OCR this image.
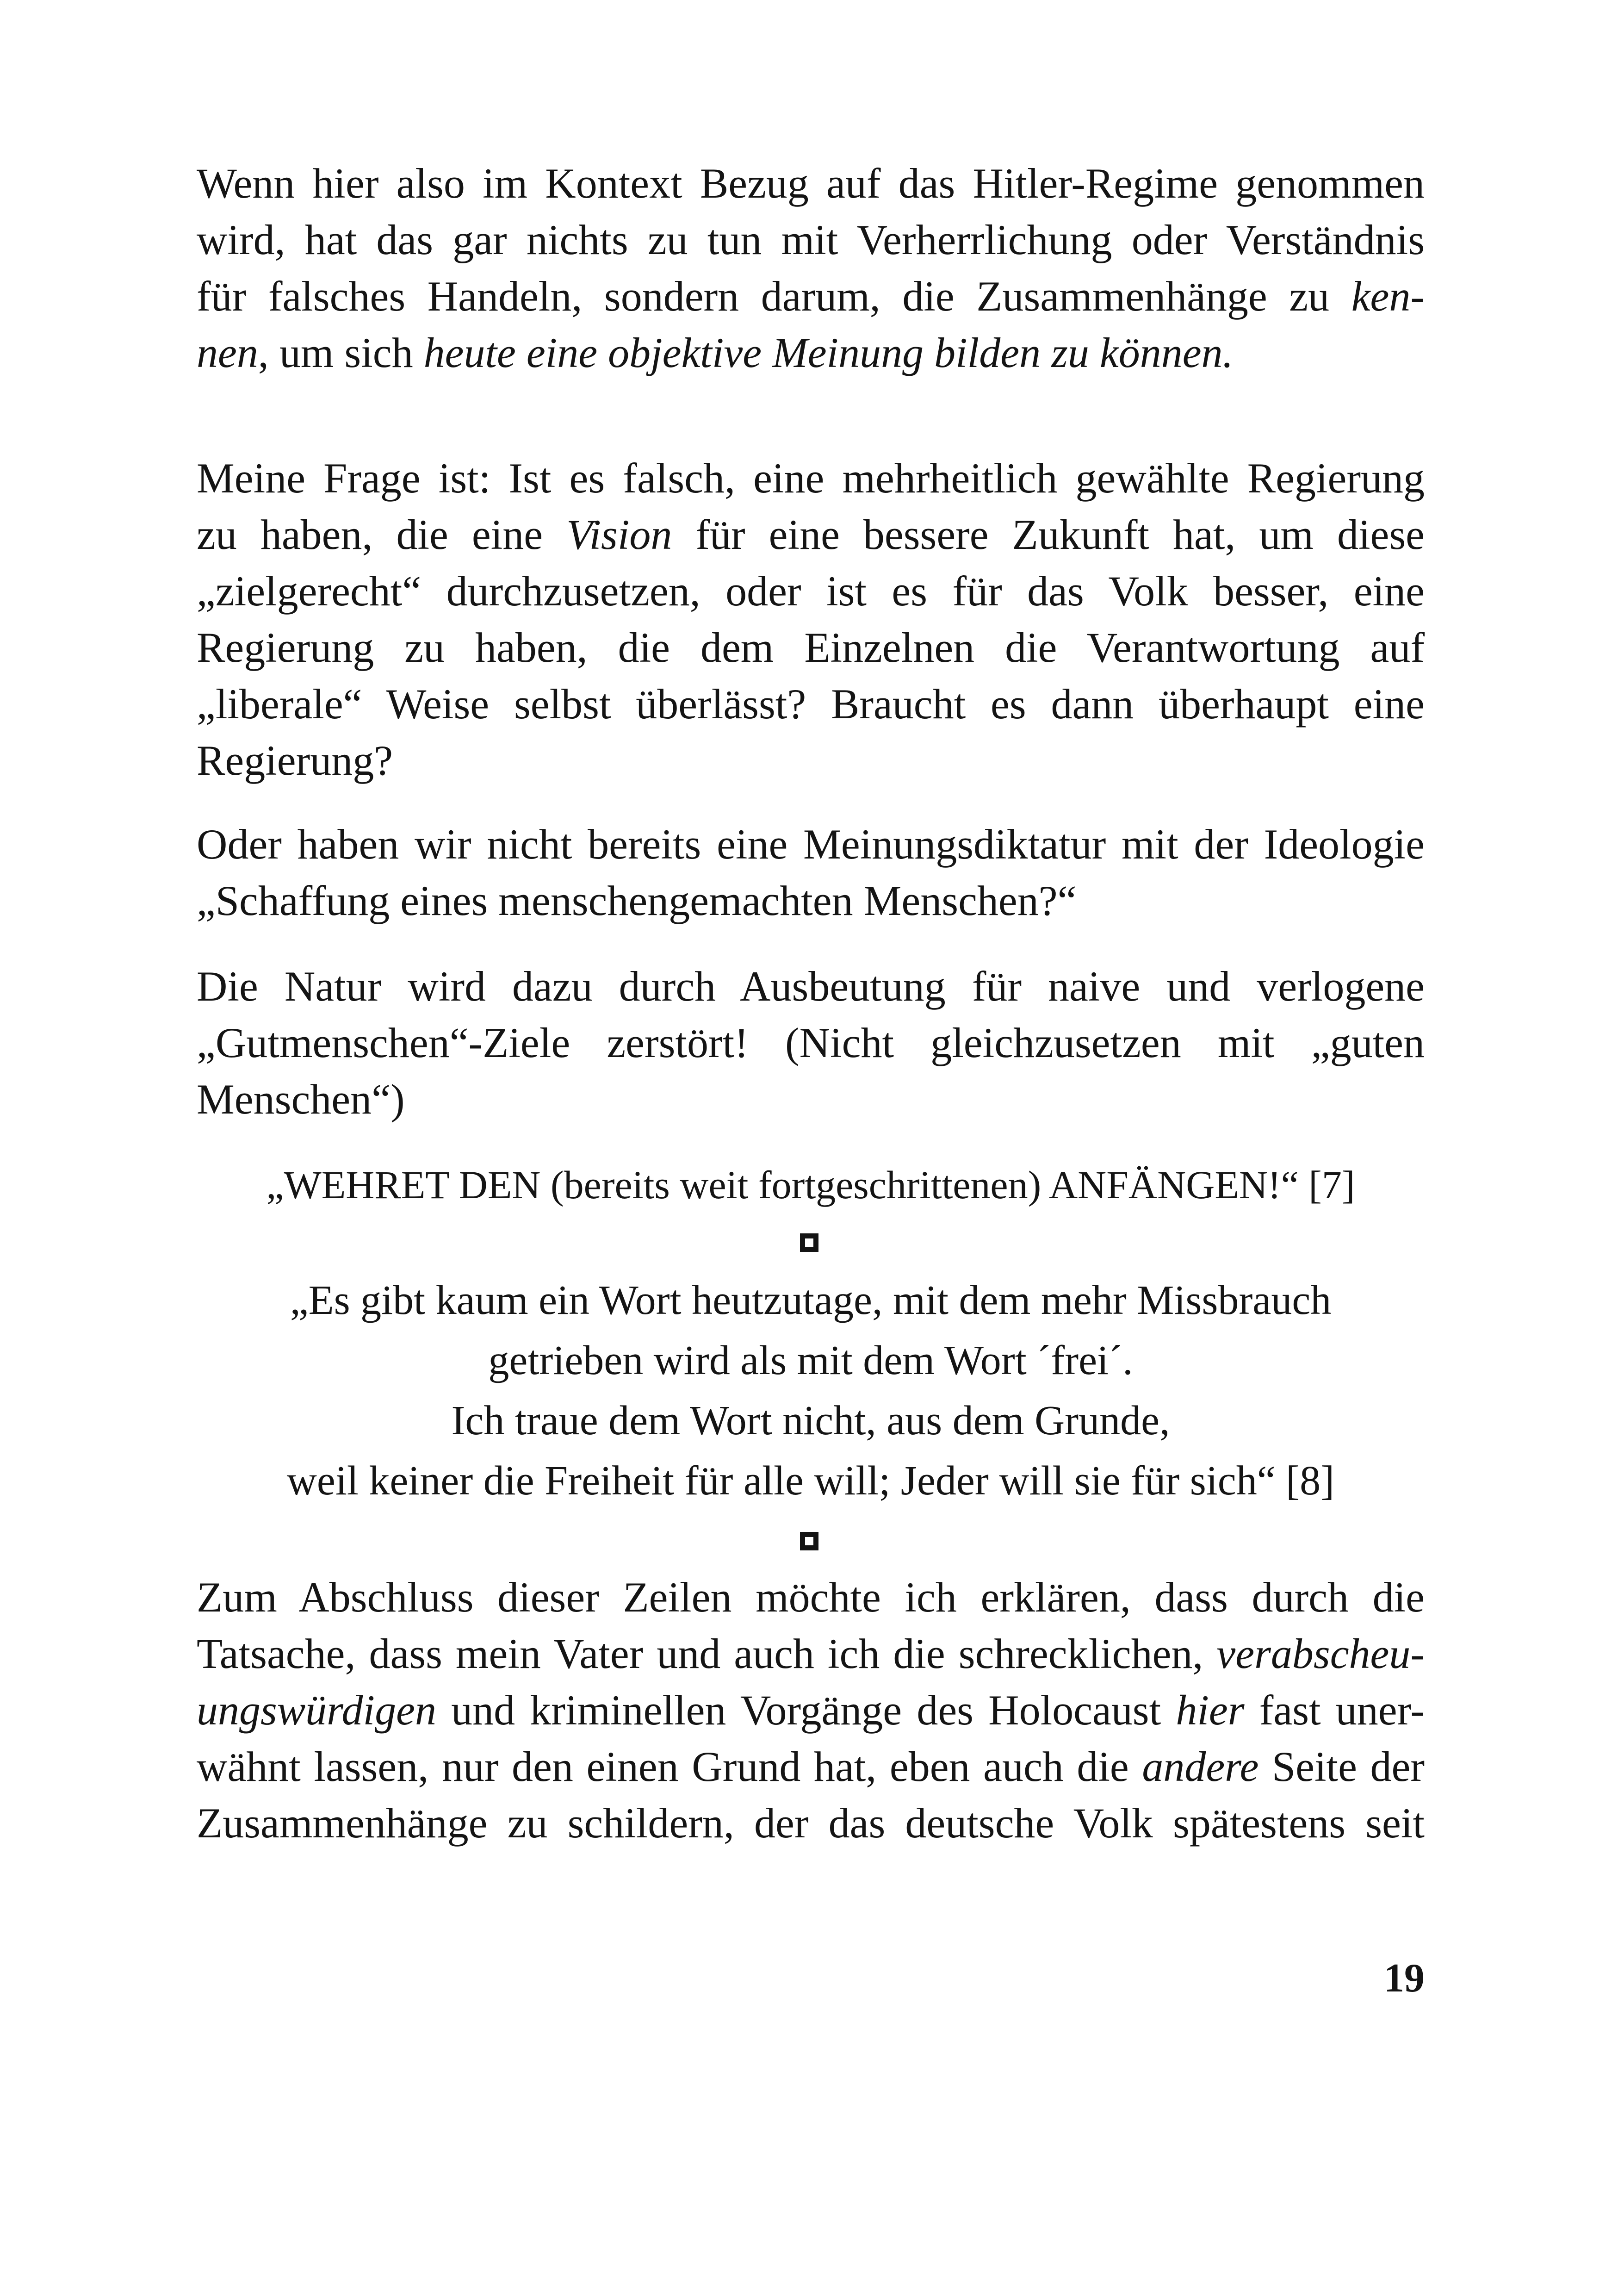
Wenn hier also im Kontext Bezug auf das Hitler-Regime genommen
wird, hat das gar nichts zu tun mit Verherrlichung oder Verständnis
für falsches Handeln, sondern darum, die Zusammenhänge zu ken-
nen, um sich heute eine objektive Meinung bilden zu können.
Meine Frage ist: Ist es falsch, eine mehrheitlich gewählte Regierung
zu haben, die eine Vision für eine bessere Zukunft hat, um diese
„zielgerecht“ durchzusetzen, oder ist es für das Volk besser, eine
Regierung zu haben, die dem Einzelnen die Verantwortung auf
„liberale“ Weise selbst überlässt? Braucht es dann überhaupt eine
Regierung?
Oder haben wir nicht bereits eine Meinungsdiktatur mit der Ideologie
„Schaffung eines menschengemachten Menschen?“
Die Natur wird dazu durch Ausbeutung für naive und verlogene
„Gutmenschen“-Ziele zerstört! (Nicht gleichzusetzen mit „guten
Menschen“)
„WEHRET DEN (bereits weit fortgeschrittenen) ANFÄNGEN!“ [7]
„Es gibt kaum ein Wort heutzutage, mit dem mehr Missbrauch
getrieben wird als mit dem Wort ´frei´.
Ich traue dem Wort nicht, aus dem Grunde,
weil keiner die Freiheit für alle will; Jeder will sie für sich“ [8]
Zum Abschluss dieser Zeilen möchte ich erklären, dass durch die
Tatsache, dass mein Vater und auch ich die schrecklichen, verabscheu-
ungswürdigen und kriminellen Vorgänge des Holocaust hier fast uner-
wähnt lassen, nur den einen Grund hat, eben auch die andere Seite der
Zusammenhänge zu schildern, der das deutsche Volk spätestens seit
19
